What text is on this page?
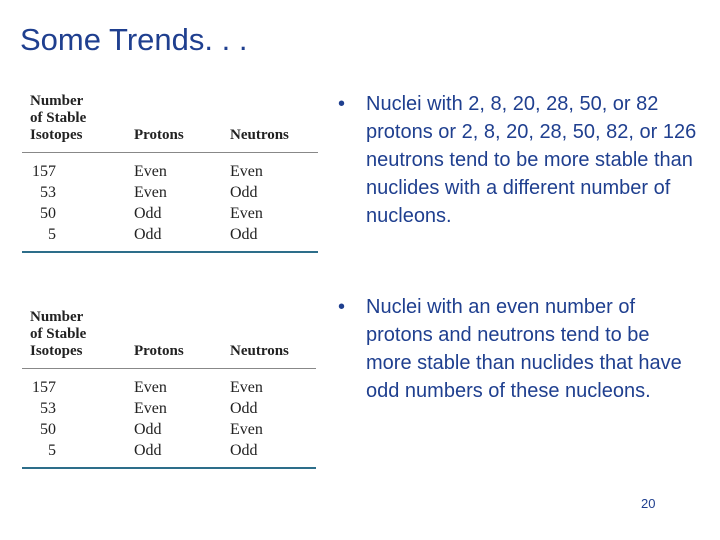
Some Trends. . .
Number
of Stable
Isotopes	Protons	Neutrons
157	Even	Even
53	Even	Odd
50	Odd	Even
5	Odd	Odd
Number
of Stable
Isotopes	Protons	Neutrons
157	Even	Even
53	Even	Odd
50	Odd	Even
5	Odd	Odd
• Nuclei with 2, 8, 20, 28, 50, or 82 protons or 2, 8, 20, 28, 50, 82, or 126 neutrons tend to be more stable than nuclides with a different number of nucleons.
• Nuclei with an even number of protons and neutrons tend to be more stable than nuclides that have odd numbers of these nucleons.
20
